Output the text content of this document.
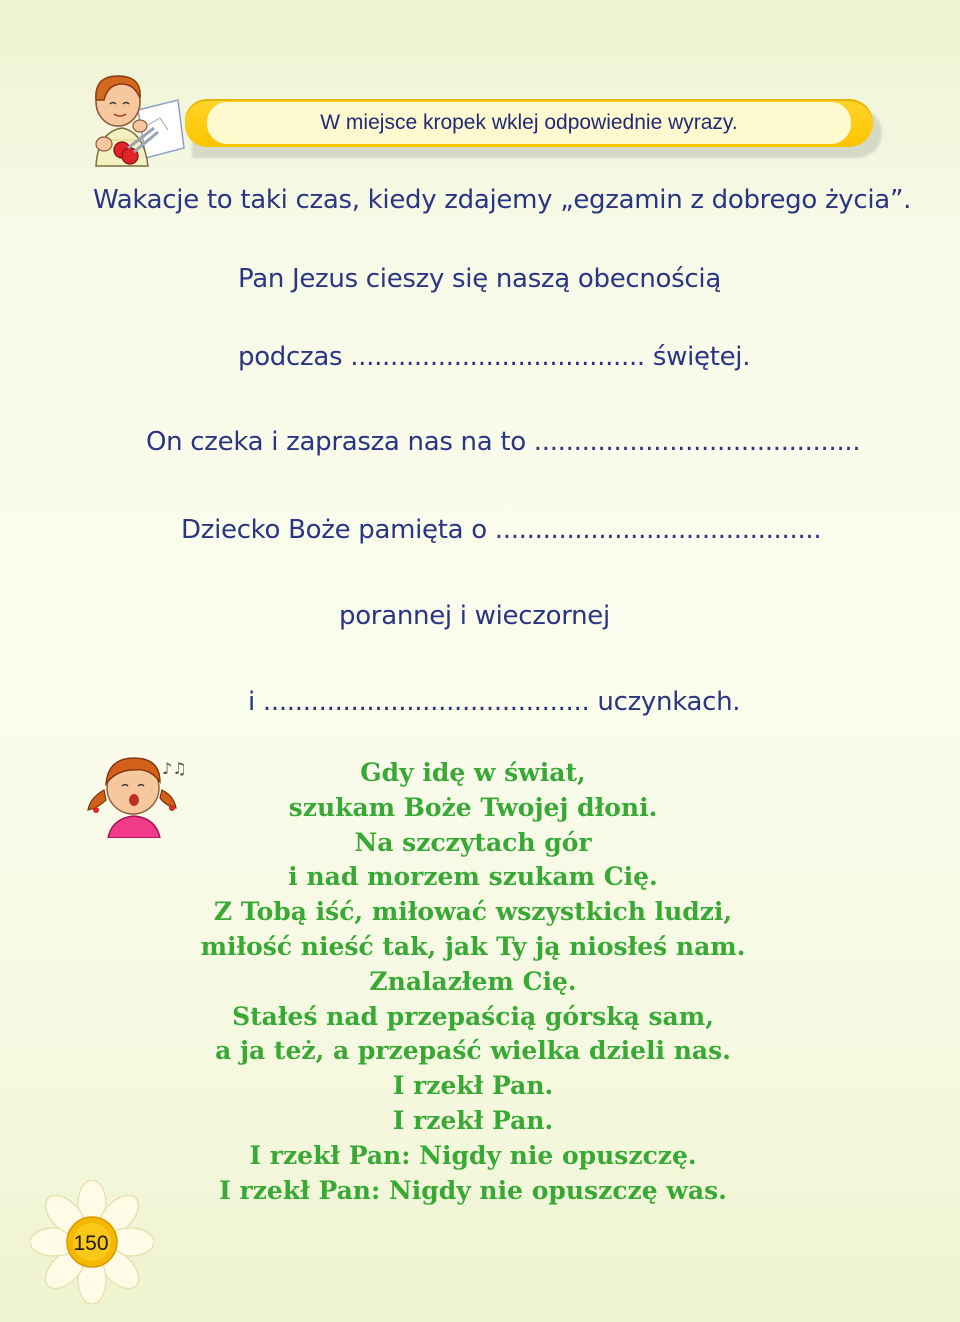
W miejsce kropek wklej odpowiednie wyrazy.
Wakacje to taki czas, kiedy zdajemy „egzamin z dobrego życia”.
Pan Jezus cieszy się naszą obecnością
podczas ..................................... świętej.
On czeka i zaprasza nas na to .........................................
Dziecko Boże pamięta o .........................................
porannej i wieczornej
i ......................................... uczynkach.
♪♫	Gdy idę w świat,
szukam Boże Twojej dłoni.
Na szczytach gór
i nad morzem szukam Cię.
Z Tobą iść, miłować wszystkich ludzi,
miłość nieść tak, jak Ty ją niosłeś nam.
Znalazłem Cię.
Stałeś nad przepaścią górską sam,
a ja też, a przepaść wielka dzieli nas.
I rzekł Pan.
I rzekł Pan.
I rzekł Pan: Nigdy nie opuszczę.
I rzekł Pan: Nigdy nie opuszczę was.
150
